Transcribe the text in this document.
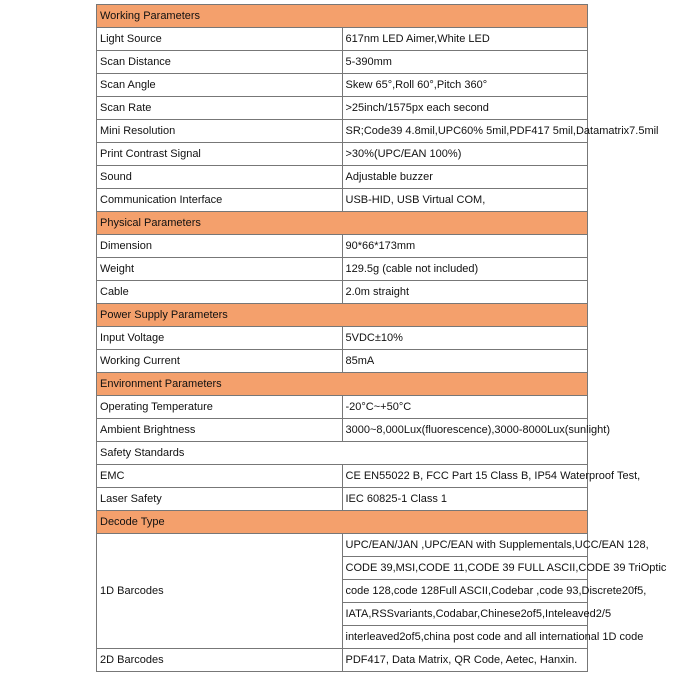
Working Parameters	
Light Source	617nm LED Aimer,White LED
Scan Distance	5-390mm
Scan Angle	Skew 65°,Roll 60°,Pitch 360°
Scan Rate	>25inch/1575px each second
Mini Resolution	SR;Code39 4.8mil,UPC60% 5mil,PDF417 5mil,Datamatrix7.5mil
Print Contrast Signal	>30%(UPC/EAN 100%)
Sound	Adjustable buzzer
Communication Interface	USB-HID, USB Virtual COM,
Physical Parameters	
Dimension	90*66*173mm
Weight	129.5g (cable not included)
Cable	2.0m straight
Power Supply Parameters	
Input Voltage	5VDC±10%
Working Current	85mA
Environment Parameters	
Operating Temperature	-20°C~+50°C
Ambient Brightness	3000~8,000Lux(fluorescence),3000-8000Lux(sunlight)
Safety Standards	
EMC	CE EN55022 B, FCC Part 15 Class B, IP54 Waterproof Test,
Laser Safety	IEC 60825-1 Class 1
Decode Type	
1D Barcodes	UPC/EAN/JAN ,UPC/EAN with Supplementals,UCC/EAN 128,
CODE 39,MSI,CODE 11,CODE 39 FULL ASCII,CODE 39 TriOptic
code 128,code 128Full ASCII,Codebar ,code 93,Discrete20f5,
IATA,RSSvariants,Codabar,Chinese2of5,Inteleaved2/5
interleaved2of5,china post code and all international 1D code

2D Barcodes	PDF417, Data Matrix, QR Code, Aetec, Hanxin.
